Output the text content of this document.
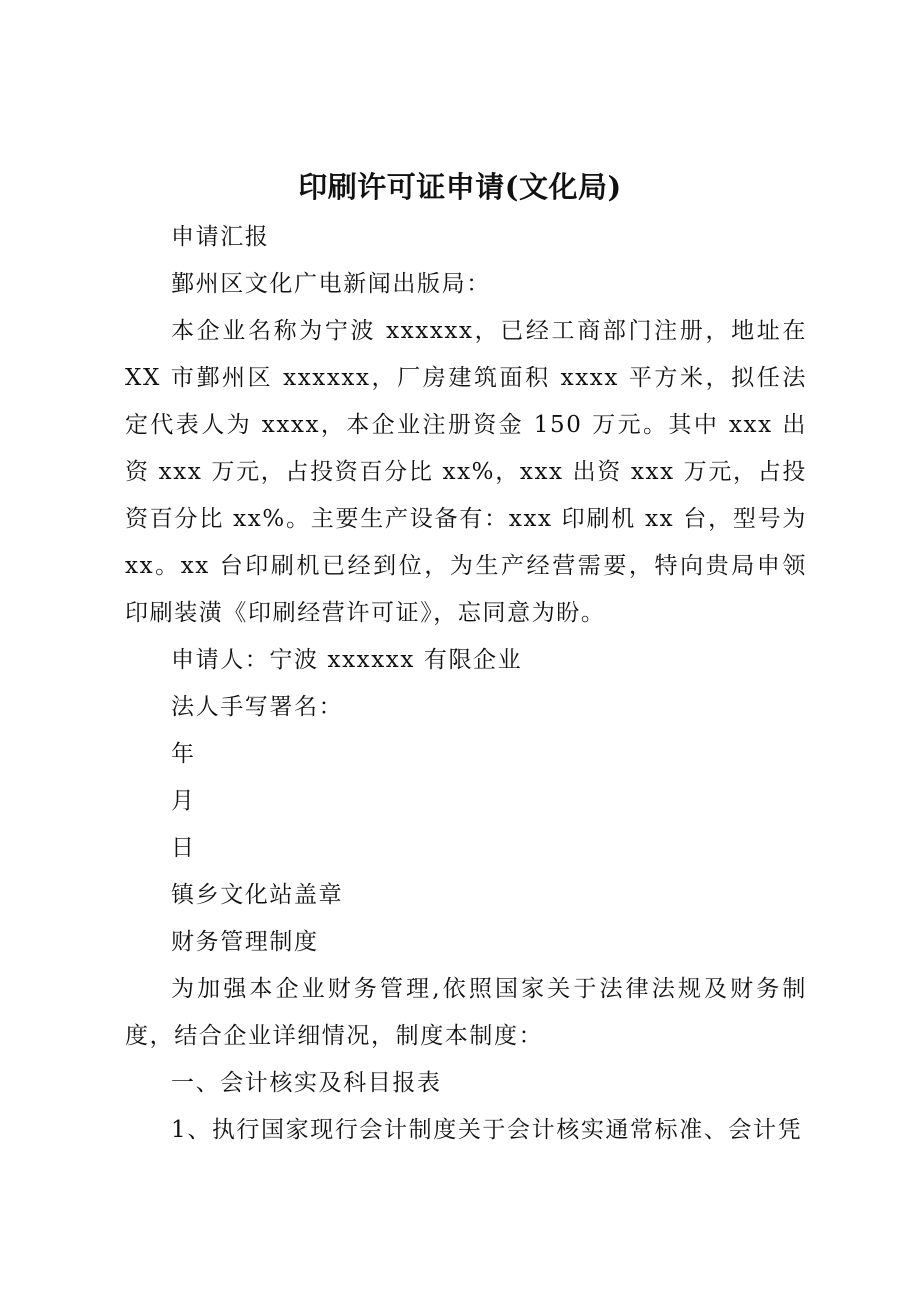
印刷许可证申请(文化局)

申请汇报

鄞州区文化广电新闻出版局：

本企业名称为宁波 xxxxxx，已经工商部门注册，地址在 XX 市鄞州区 xxxxxx，厂房建筑面积 xxxx 平方米，拟任法定代表人为 xxxx，本企业注册资金 150 万元。其中 xxx 出资 xxx 万元，占投资百分比 xx%，xxx 出资 xxx 万元，占投资百分比 xx%。主要生产设备有：xxx 印刷机 xx 台，型号为 xx。xx 台印刷机已经到位，为生产经营需要，特向贵局申领印刷装潢《印刷经营许可证》，忘同意为盼。

申请人：宁波 xxxxxx 有限企业

法人手写署名：

年

月

日

镇乡文化站盖章

财务管理制度

为加强本企业财务管理,依照国家关于法律法规及财务制度，结合企业详细情况，制度本制度：

一、会计核实及科目报表

1、执行国家现行会计制度关于会计核实通常标准、会计凭
